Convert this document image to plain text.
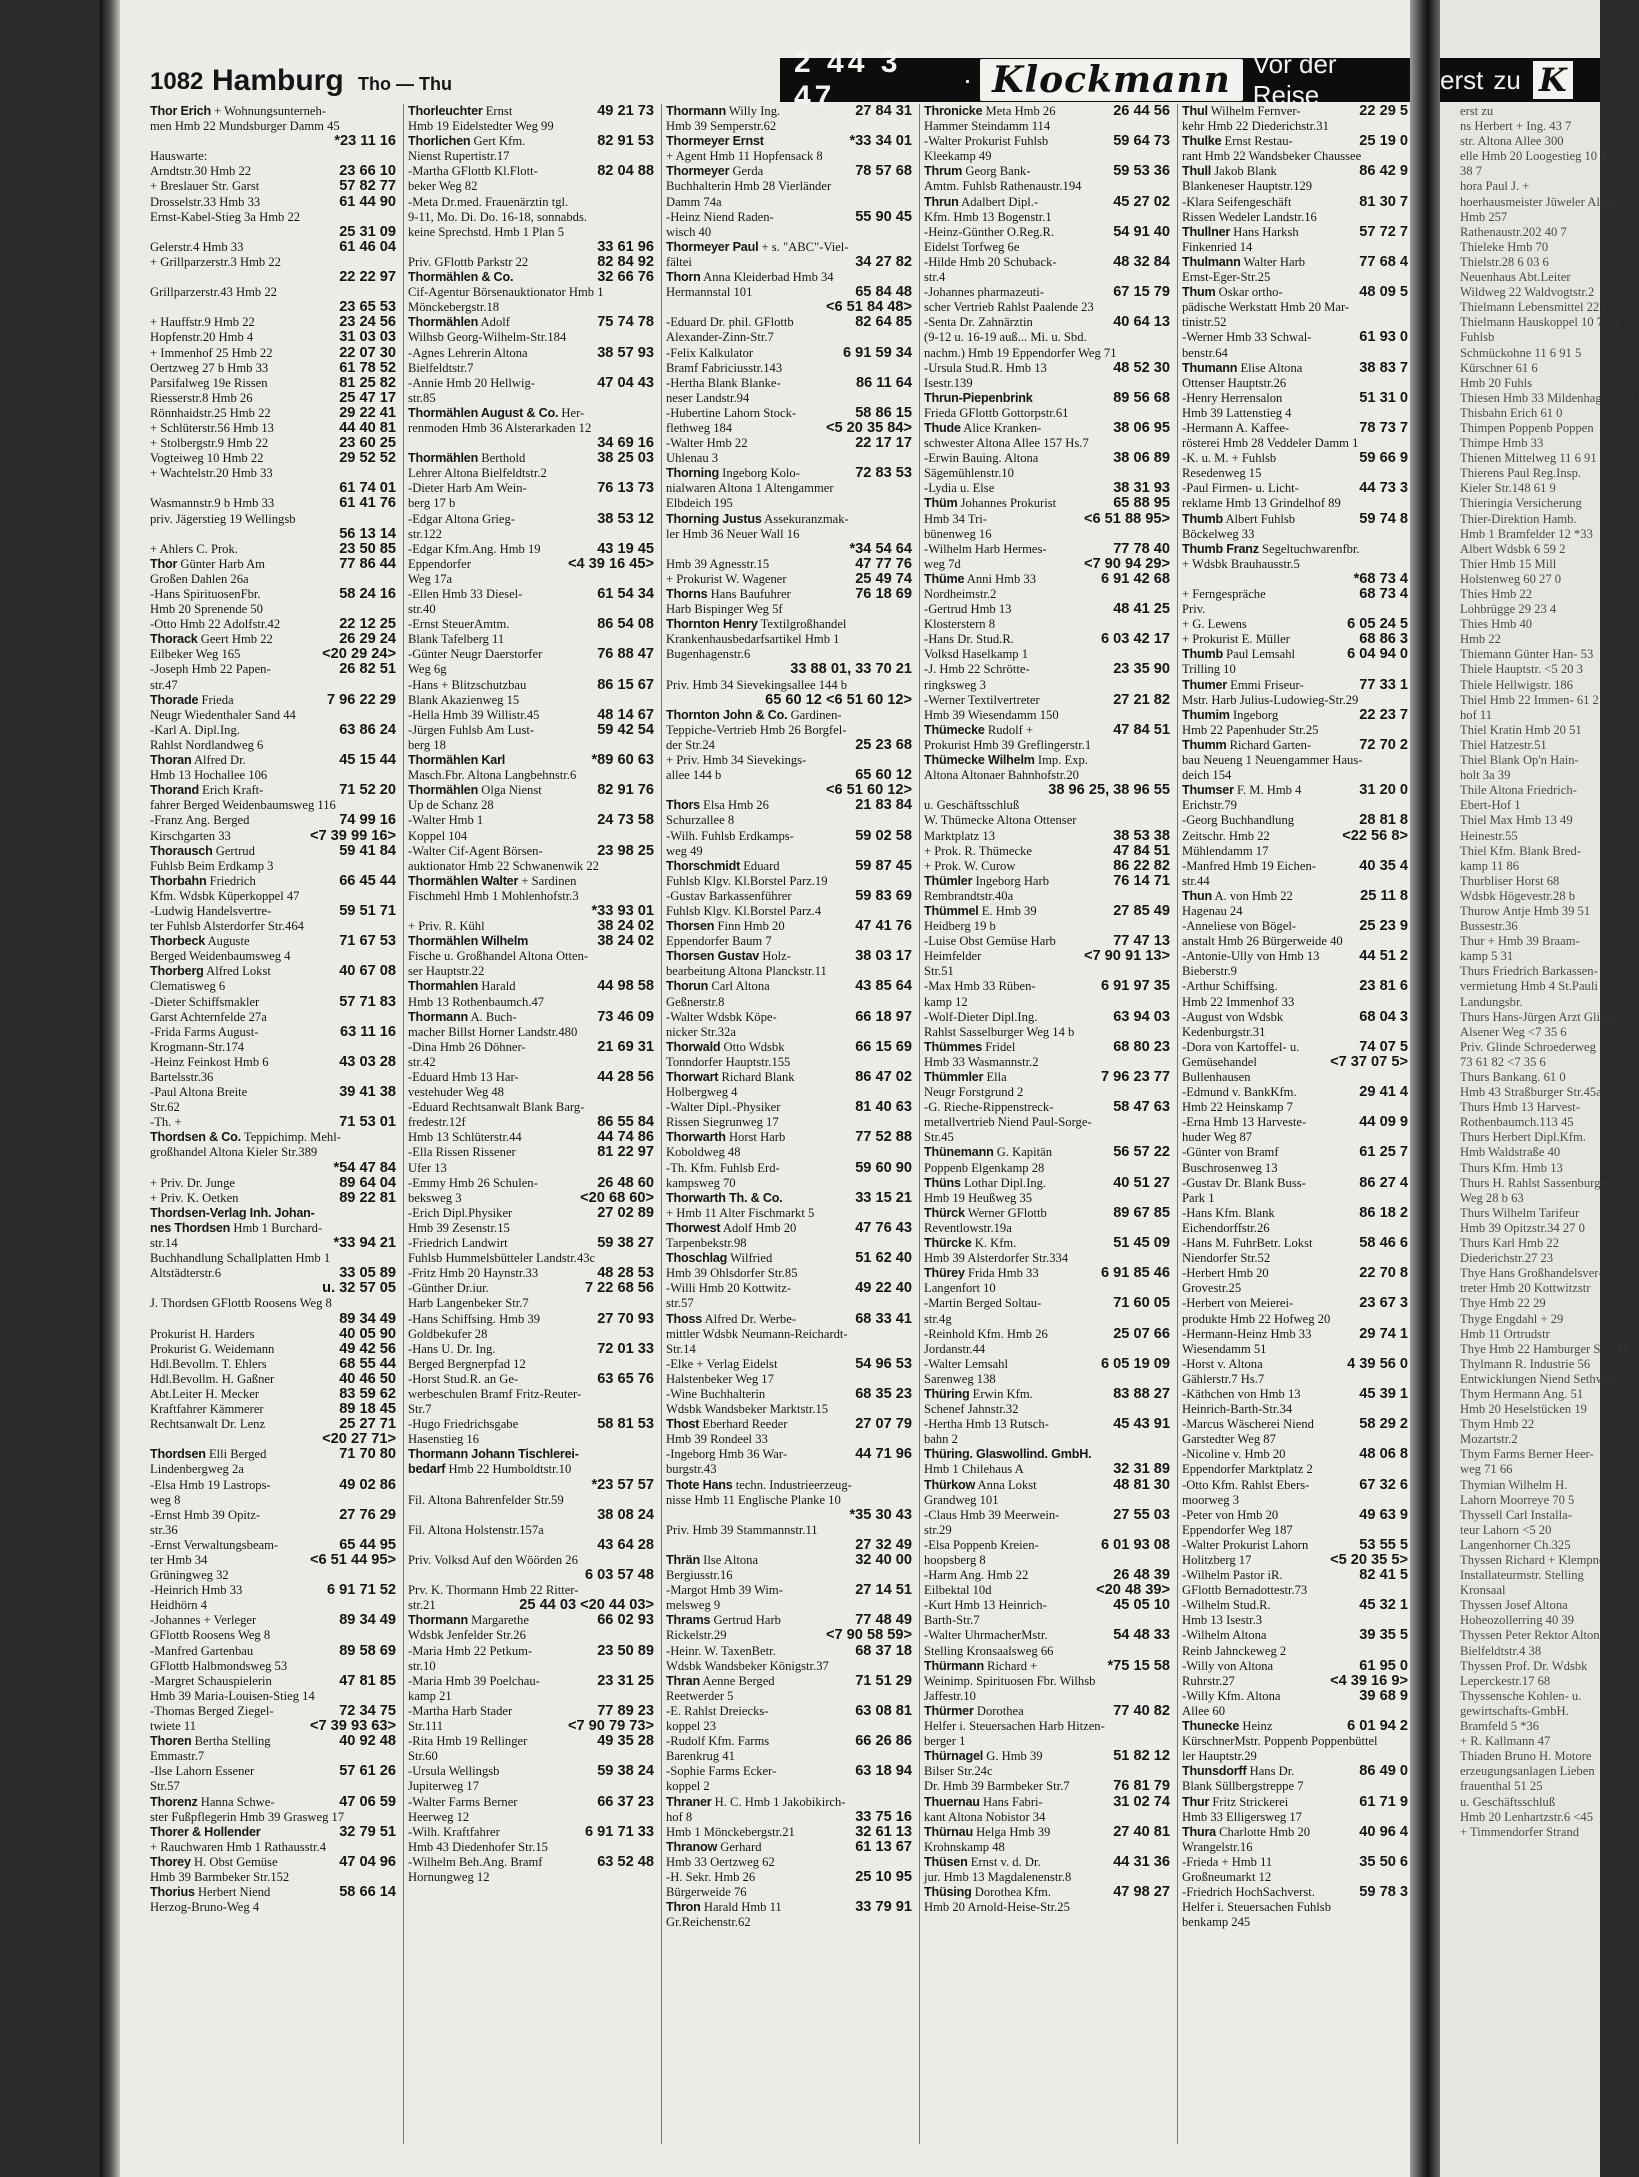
erst zu K
erst zu
ns Herbert + Ing. 43 7
str. Altona Allee 300
elle Hmb 20 Loogestieg 10 4
38 7
hora Paul J. +
hoerhausmeister Jüweler Alton
Hmb 257
Rathenaustr.202 40 7
Thieleke Hmb 70
Thielstr.28 6 03 6
Neuenhaus Abt.Leiter
Wildweg 22 Waldvogtstr.2
Thielmann Lebensmittel 22 G
Thielmann Hauskoppel 10 73 4
Fuhlsb
Schmückohne 11 6 91 5
Kürschner 61 6
Hmb 20 Fuhls
Thiesen Hmb 33 Mildenhagen 61 0
Thisbahn Erich 61 0
Thimpen Poppenb Poppen
Thimpe Hmb 33
Thienen Mittelweg 11 6 91 5
Thierens Paul Reg.Insp.
Kieler Str.148 61 9
Thieringia Versicherung
Thier-Direktion Hamb.
Hmb 1 Bramfelder 12 *33
Albert Wdsbk 6 59 2
Thier Hmb 15 Mill
Holstenweg 60 27 0
Thies Hmb 22
Lohbrügge 29 23 4
Thies Hmb 40
Hmb 22
Thiemann Günter Han- 53
Thiele Hauptstr. <5 20 3
Thiele Hellwigstr. 186
Thiel Hmb 22 Immen- 61 2
hof 11
Thiel Kratin Hmb 20 51
Thiel Hatzestr.51
Thiel Blank Op'n Hain-
holt 3a 39
Thile Altona Friedrich-
Ebert-Hof 1
Thiel Max Hmb 13 49
Heinestr.55
Thiel Kfm. Blank Bred-
kamp 11 86
Thurbliser Horst 68
Wdsbk Högevestr.28 b
Thurow Antje Hmb 39 51
Bussestr.36
Thur + Hmb 39 Braam-
kamp 5 31
Thurs Friedrich Barkassen-
vermietung Hmb 4 St.Pauli
Landungsbr.
Thurs Hans-Jürgen Arzt Glinde
Alsener Weg <7 35 6
Priv. Glinde Schroederweg 1
73 61 82 <7 35 6
Thurs Bankang. 61 0
Hmb 43 Straßburger Str.45a
Thurs Hmb 13 Harvest-
Rothenbaumch.113 45
Thurs Herbert Dipl.Kfm.
Hmb Waldstraße 40
Thurs Kfm. Hmb 13
Thurs H. Rahlst Sassenburger
Weg 28 b 63
Thurs Wilhelm Tarifeur
Hmb 39 Opitzstr.34 27 0
Thurs Karl Hmb 22
Diederichstr.27 23
Thye Hans Großhandelsver-
treter Hmb 20 Kottwitzstr
Thye Hmb 22 29
Thyge Engdahl + 29
Hmb 11 Ortrudstr
Thye Hmb 22 Hamburger Str.148
Thylmann R. Industrie 56
Entwicklungen Niend Sethweg
Thym Hermann Ang. 51
Hmb 20 Heselstücken 19
Thym Hmb 22
Mozartstr.2
Thym Farms Berner Heer-
weg 71 66
Thymian Wilhelm H.
Lahorn Moorreye 70 5
Thyssell Carl Installa-
teur Lahorn <5 20
Langenhorner Ch.325
Thyssen Richard + Klempner-
Installateurmstr. Stelling
Kronsaal
Thyssen Josef Altona
Hoheozollerring 40 39
Thyssen Peter Rektor Altona
Bielfeldtstr.4 38
Thyssen Prof. Dr. Wdsbk
Leperckestr.17 68
Thyssensche Kohlen- u.
gewirtschafts-GmbH.
Bramfeld 5 *36
+ R. Kallmann 47
Thiaden Bruno H. Motore
erzeugungsanlagen Lieben
frauenthal 51 25
u. Geschäftsschluß
Hmb 20 Lenhartzstr.6 <45
+ Timmendorfer Strand
1082 Hamburg Tho — Thu
2 44 3 47
· Klockmann Vor der Reise
Thor Erich + Wohnungsunterneh-
men Hmb 22 Mundsburger Damm 45
*23 11 16
Hauswarte:
Arndtstr.30 Hmb 22	23 66 10
+ Breslauer Str. Garst	57 82 77
Drosselstr.33 Hmb 33	61 44 90
Ernst-Kabel-Stieg 3a Hmb 22
25 31 09
Gelerstr.4 Hmb 33	61 46 04
+ Grillparzerstr.3 Hmb 22
22 22 97
Grillparzerstr.43 Hmb 22
23 65 53
+ Hauffstr.9 Hmb 22	23 24 56
Hopfenstr.20 Hmb 4	31 03 03
+ Immenhof 25 Hmb 22	22 07 30
Oertzweg 27 b Hmb 33	61 78 52
Parsifalweg 19e Rissen	81 25 82
Riesserstr.8 Hmb 26	25 47 17
Rönnhaidstr.25 Hmb 22	29 22 41
+ Schlüterstr.56 Hmb 13	44 40 81
+ Stolbergstr.9 Hmb 22	23 60 25
Vogteiweg 10 Hmb 22	29 52 52
+ Wachtelstr.20 Hmb 33
61 74 01
Wasmannstr.9 b Hmb 33	61 41 76
priv. Jägerstieg 19 Wellingsb
56 13 14
+ Ahlers C. Prok.	23 50 85
Thor Günter Harb Am	77 86 44
Großen Dahlen 26a
-Hans SpirituosenFbr.	58 24 16
Hmb 20 Sprenende 50
-Otto Hmb 22 Adolfstr.42	22 12 25
Thorack Geert Hmb 22	26 29 24
Eilbeker Weg 165	<20 29 24>
-Joseph Hmb 22 Papen-	26 82 51
str.47
Thorade Frieda	7 96 22 29
Neugr Wiedenthaler Sand 44
-Karl A. Dipl.Ing.	63 86 24
Rahlst Nordlandweg 6
Thoran Alfred Dr.	45 15 44
Hmb 13 Hochallee 106
Thorand Erich Kraft-	71 52 20
fahrer Berged Weidenbaumsweg 116
-Franz Ang. Berged	74 99 16
Kirschgarten 33	<7 39 99 16>
Thorausch Gertrud	59 41 84
Fuhlsb Beim Erdkamp 3
Thorbahn Friedrich	66 45 44
Kfm. Wdsbk Küperkoppel 47
-Ludwig Handelsvertre-	59 51 71
ter Fuhlsb Alsterdorfer Str.464
Thorbeck Auguste	71 67 53
Berged Weidenbaumsweg 4
Thorberg Alfred Lokst	40 67 08
Clematisweg 6
-Dieter Schiffsmakler	57 71 83
Garst Achternfelde 27a
-Frida Farms August-	63 11 16
Krogmann-Str.174
-Heinz Feinkost Hmb 6	43 03 28
Bartelsstr.36
-Paul Altona Breite	39 41 38
Str.62
-Th. +	71 53 01
Thordsen & Co. Teppichimp. Mehl-
großhandel Altona Kieler Str.389
*54 47 84
+ Priv. Dr. Junge	89 64 04
+ Priv. K. Oetken	89 22 81
Thordsen-Verlag Inh. Johan-
nes Thordsen Hmb 1 Burchard-
str.14	*33 94 21
Buchhandlung Schallplatten Hmb 1
Altstädterstr.6	33 05 89
u. 32 57 05
J. Thordsen GFlottb Roosens Weg 8
89 34 49
Prokurist H. Harders	40 05 90
Prokurist G. Weidemann	49 42 56
Hdl.Bevollm. T. Ehlers	68 55 44
Hdl.Bevollm. H. Gaßner	40 46 50
Abt.Leiter H. Mecker	83 59 62
Kraftfahrer Kämmerer	89 18 45
Rechtsanwalt Dr. Lenz	25 27 71
<20 27 71>
Thordsen Elli Berged	71 70 80
Lindenbergweg 2a
-Elsa Hmb 19 Lastrops-	49 02 86
weg 8
-Ernst Hmb 39 Opitz-	27 76 29
str.36
-Ernst Verwaltungsbeam-	65 44 95
ter Hmb 34	<6 51 44 95>
Grüningweg 32
-Heinrich Hmb 33	6 91 71 52
Heidhörn 4
-Johannes + Verleger	89 34 49
GFlottb Roosens Weg 8
-Manfred Gartenbau	89 58 69
GFlottb Halbmondsweg 53
-Margret Schauspielerin	47 81 85
Hmb 39 Maria-Louisen-Stieg 14
-Thomas Berged Ziegel-	72 34 75
twiete 11	<7 39 93 63>
Thoren Bertha Stelling	40 92 48
Emmastr.7
-Ilse Lahorn Essener	57 61 26
Str.57
Thorenz Hanna Schwe-	47 06 59
ster Fußpflegerin Hmb 39 Grasweg 17
Thorer & Hollender	32 79 51
+ Rauchwaren Hmb 1 Rathausstr.4
Thorey H. Obst Gemüse	47 04 96
Hmb 39 Barmbeker Str.152
Thorius Herbert Niend	58 66 14
Herzog-Bruno-Weg 4
Thorleuchter Ernst	49 21 73
Hmb 19 Eidelstedter Weg 99
Thorlichen Gert Kfm.	82 91 53
Nienst Rupertistr.17
-Martha GFlottb Kl.Flott-	82 04 88
beker Weg 82
-Meta Dr.med. Frauenärztin tgl.
9-11, Mo. Di. Do. 16-18, sonnabds.
keine Sprechstd. Hmb 1 Plan 5
33 61 96
Priv. GFlottb Parkstr 22	82 84 92
Thormählen & Co.	32 66 76
Cif-Agentur Börsenauktionator Hmb 1
Mönckebergstr.18
Thormählen Adolf	75 74 78
Wilhsb Georg-Wilhelm-Str.184
-Agnes Lehrerin Altona	38 57 93
Bielfeldtstr.7
-Annie Hmb 20 Hellwig-	47 04 43
str.85
Thormählen August & Co. Her-
renmoden Hmb 36 Alsterarkaden 12
34 69 16
Thormählen Berthold	38 25 03
Lehrer Altona Bielfeldtstr.2
-Dieter Harb Am Wein-	76 13 73
berg 17 b
-Edgar Altona Grieg-	38 53 12
str.122
-Edgar Kfm.Ang. Hmb 19	43 19 45
Eppendorfer	<4 39 16 45>
Weg 17a
-Ellen Hmb 33 Diesel-	61 54 34
str.40
-Ernst SteuerAmtm.	86 54 08
Blank Tafelberg 11
-Günter Neugr Daerstorfer	76 88 47
Weg 6g
-Hans + Blitzschutzbau	86 15 67
Blank Akazienweg 15
-Hella Hmb 39 Willistr.45	48 14 67
-Jürgen Fuhlsb Am Lust-	59 42 54
berg 18
Thormählen Karl	*89 60 63
Masch.Fbr. Altona Langbehnstr.6
Thormählen Olga Nienst	82 91 76
Up de Schanz 28
-Walter Hmb 1	24 73 58
Koppel 104
-Walter Cif-Agent Börsen-	23 98 25
auktionator Hmb 22 Schwanenwik 22
Thormählen Walter + Sardinen
Fischmehl Hmb 1 Mohlenhofstr.3
*33 93 01
+ Priv. R. Kühl	38 24 02
Thormählen Wilhelm	38 24 02
Fische u. Großhandel Altona Otten-
ser Hauptstr.22
Thormahlen Harald	44 98 58
Hmb 13 Rothenbaumch.47
Thormann A. Buch-	73 46 09
macher Billst Horner Landstr.480
-Dina Hmb 26 Döhner-	21 69 31
str.42
-Eduard Hmb 13 Har-	44 28 56
vestehuder Weg 48
-Eduard Rechtsanwalt Blank Barg-
fredestr.12f	86 55 84
Hmb 13 Schlüterstr.44	44 74 86
-Ella Rissen Rissener	81 22 97
Ufer 13
-Emmy Hmb 26 Schulen-	26 48 60
beksweg 3	<20 68 60>
-Erich Dipl.Physiker	27 02 89
Hmb 39 Zesenstr.15
-Friedrich Landwirt	59 38 27
Fuhlsb Hummelsbütteler Landstr.43c
-Fritz Hmb 20 Haynstr.33	48 28 53
-Günther Dr.iur.	7 22 68 56
Harb Langenbeker Str.7
-Hans Schiffsing. Hmb 39	27 70 93
Goldbekufer 28
-Hans U. Dr. Ing.	72 01 33
Berged Bergnerpfad 12
-Horst Stud.R. an Ge-	63 65 76
werbeschulen Bramf Fritz-Reuter-
Str.7
-Hugo Friedrichsgabe	58 81 53
Hasenstieg 16
Thormann Johann Tischlerei-
bedarf Hmb 22 Humboldtstr.10
*23 57 57
Fil. Altona Bahrenfelder Str.59
38 08 24
Fil. Altona Holstenstr.157a
43 64 28
Priv. Volksd Auf den Wöörden 26
6 03 57 48
Prv. K. Thormann Hmb 22 Ritter-
str.21	25 44 03 <20 44 03>
Thormann Margarethe	66 02 93
Wdsbk Jenfelder Str.26
-Maria Hmb 22 Petkum-	23 50 89
str.10
-Maria Hmb 39 Poelchau-	23 31 25
kamp 21
-Martha Harb Stader	77 89 23
Str.111	<7 90 79 73>
-Rita Hmb 19 Rellinger	49 35 28
Str.60
-Ursula Wellingsb	59 38 24
Jupiterweg 17
-Walter Farms Berner	66 37 23
Heerweg 12
-Wilh. Kraftfahrer	6 91 71 33
Hmb 43 Diedenhofer Str.15
-Wilhelm Beh.Ang. Bramf	63 52 48
Hornungweg 12
Thormann Willy Ing.	27 84 31
Hmb 39 Semperstr.62
Thormeyer Ernst	*33 34 01
+ Agent Hmb 11 Hopfensack 8
Thormeyer Gerda	78 57 68
Buchhalterin Hmb 28 Vierländer
Damm 74a
-Heinz Niend Raden-	55 90 45
wisch 40
Thormeyer Paul + s. "ABC"-Viel-
fältei	34 27 82
Thorn Anna Kleiderbad Hmb 34
Hermannstal 101	65 84 48
<6 51 84 48>
-Eduard Dr. phil. GFlottb	82 64 85
Alexander-Zinn-Str.7
-Felix Kalkulator	6 91 59 34
Bramf Fabriciusstr.143
-Hertha Blank Blanke-	86 11 64
neser Landstr.94
-Hubertine Lahorn Stock-	58 86 15
flethweg 184	<5 20 35 84>
-Walter Hmb 22	22 17 17
Uhlenau 3
Thorning Ingeborg Kolo-	72 83 53
nialwaren Altona 1 Altengammer
Elbdeich 195
Thorning Justus Assekuranzmak-
ler Hmb 36 Neuer Wall 16
*34 54 64
Hmb 39 Agnesstr.15	47 77 76
+ Prokurist W. Wagener	25 49 74
Thorns Hans Baufuhrer	76 18 69
Harb Bispinger Weg 5f
Thornton Henry Textilgroßhandel
Krankenhausbedarfsartikel Hmb 1
Bugenhagenstr.6
33 88 01, 33 70 21
Priv. Hmb 34 Sievekingsallee 144 b
65 60 12 <6 51 60 12>
Thornton John & Co. Gardinen-
Teppiche-Vertrieb Hmb 26 Borgfel-
der Str.24	25 23 68
+ Priv. Hmb 34 Sievekings-
allee 144 b	65 60 12
<6 51 60 12>
Thors Elsa Hmb 26	21 83 84
Schurzallee 8
-Wilh. Fuhlsb Erdkamps-	59 02 58
weg 49
Thorschmidt Eduard	59 87 45
Fuhlsb Klgv. Kl.Borstel Parz.19
-Gustav Barkassenführer	59 83 69
Fuhlsb Klgv. Kl.Borstel Parz.4
Thorsen Finn Hmb 20	47 41 76
Eppendorfer Baum 7
Thorsen Gustav Holz-	38 03 17
bearbeitung Altona Planckstr.11
Thorun Carl Altona	43 85 64
Geßnerstr.8
-Walter Wdsbk Köpe-	66 18 97
nicker Str.32a
Thorwald Otto Wdsbk	66 15 69
Tonndorfer Hauptstr.155
Thorwart Richard Blank	86 47 02
Holbergweg 4
-Walter Dipl.-Physiker	81 40 63
Rissen Siegrunweg 17
Thorwarth Horst Harb	77 52 88
Koboldweg 48
-Th. Kfm. Fuhlsb Erd-	59 60 90
kampsweg 70
Thorwarth Th. & Co.	33 15 21
+ Hmb 11 Alter Fischmarkt 5
Thorwest Adolf Hmb 20	47 76 43
Tarpenbekstr.98
Thoschlag Wilfried	51 62 40
Hmb 39 Ohlsdorfer Str.85
-Willi Hmb 20 Kottwitz-	49 22 40
str.57
Thoss Alfred Dr. Werbe-	68 33 41
mittler Wdsbk Neumann-Reichardt-
Str.14
-Elke + Verlag Eidelst	54 96 53
Halstenbeker Weg 17
-Wine Buchhalterin	68 35 23
Wdsbk Wandsbeker Marktstr.15
Thost Eberhard Reeder	27 07 79
Hmb 39 Rondeel 33
-Ingeborg Hmb 36 War-	44 71 96
burgstr.43
Thote Hans techn. Industrieerzeug-
nisse Hmb 11 Englische Planke 10
*35 30 43
Priv. Hmb 39 Stammannstr.11
27 32 49
Thrän Ilse Altona	32 40 00
Bergiusstr.16
-Margot Hmb 39 Wim-	27 14 51
melsweg 9
Thrams Gertrud Harb	77 48 49
Rickelstr.29	<7 90 58 59>
-Heinr. W. TaxenBetr.	68 37 18
Wdsbk Wandsbeker Königstr.37
Thran Aenne Berged	71 51 29
Reetwerder 5
-E. Rahlst Dreiecks-	63 08 81
koppel 23
-Rudolf Kfm. Farms	66 26 86
Barenkrug 41
-Sophie Farms Ecker-	63 18 94
koppel 2
Thraner H. C. Hmb 1 Jakobikirch-
hof 8	33 75 16
Hmb 1 Mönckebergstr.21	32 61 13
Thranow Gerhard	61 13 67
Hmb 33 Oertzweg 62
-H. Sekr. Hmb 26	25 10 95
Bürgerweide 76
Thron Harald Hmb 11	33 79 91
Gr.Reichenstr.62
Thronicke Meta Hmb 26	26 44 56
Hammer Steindamm 114
-Walter Prokurist Fuhlsb	59 64 73
Kleekamp 49
Thrum Georg Bank-	59 53 36
Amtm. Fuhlsb Rathenaustr.194
Thrun Adalbert Dipl.-	45 27 02
Kfm. Hmb 13 Bogenstr.1
-Heinz-Günther O.Reg.R.	54 91 40
Eidelst Torfweg 6e
-Hilde Hmb 20 Schuback-	48 32 84
str.4
-Johannes pharmazeuti-	67 15 79
scher Vertrieb Rahlst Paalende 23
-Senta Dr. Zahnärztin	40 64 13
(9-12 u. 16-19 auß... Mi. u. Sbd.
nachm.) Hmb 19 Eppendorfer Weg 71
-Ursula Stud.R. Hmb 13	48 52 30
Isestr.139
Thrun-Piepenbrink	89 56 68
Frieda GFlottb Gottorpstr.61
Thude Alice Kranken-	38 06 95
schwester Altona Allee 157 Hs.7
-Erwin Bauing. Altona	38 06 89
Sägemühlenstr.10
-Lydia u. Else	38 31 93
Thüm Johannes Prokurist	65 88 95
Hmb 34 Tri-	<6 51 88 95>
bünenweg 16
-Wilhelm Harb Hermes-	77 78 40
weg 7d	<7 90 94 29>
Thüme Anni Hmb 33	6 91 42 68
Nordheimstr.2
-Gertrud Hmb 13	48 41 25
Klosterstern 8
-Hans Dr. Stud.R.	6 03 42 17
Volksd Haselkamp 1
-J. Hmb 22 Schrötte-	23 35 90
ringksweg 3
-Werner Textilvertreter	27 21 82
Hmb 39 Wiesendamm 150
Thümecke Rudolf +	47 84 51
Prokurist Hmb 39 Greflingerstr.1
Thümecke Wilhelm Imp. Exp.
Altona Altonaer Bahnhofstr.20
38 96 25, 38 96 55
u. Geschäftsschluß
W. Thümecke Altona Ottenser
Marktplatz 13	38 53 38
+ Prok. R. Thümecke	47 84 51
+ Prok. W. Curow	86 22 82
Thümler Ingeborg Harb	76 14 71
Rembrandtstr.40a
Thümmel E. Hmb 39	27 85 49
Heidberg 19 b
-Luise Obst Gemüse Harb	77 47 13
Heimfelder	<7 90 91 13>
Str.51
-Max Hmb 33 Rüben-	6 91 97 35
kamp 12
-Wolf-Dieter Dipl.Ing.	63 94 03
Rahlst Sasselburger Weg 14 b
Thümmes Fridel	68 80 23
Hmb 33 Wasmannstr.2
Thümmler Ella	7 96 23 77
Neugr Forstgrund 2
-G. Rieche-Rippenstreck-	58 47 63
metallvertrieb Niend Paul-Sorge-
Str.45
Thünemann G. Kapitän	56 57 22
Poppenb Elgenkamp 28
Thüns Lothar Dipl.Ing.	40 51 27
Hmb 19 Heußweg 35
Thürck Werner GFlottb	89 67 85
Reventlowstr.19a
Thürcke K. Kfm.	51 45 09
Hmb 39 Alsterdorfer Str.334
Thürey Frida Hmb 33	6 91 85 46
Langenfort 10
-Martin Berged Soltau-	71 60 05
str.4g
-Reinhold Kfm. Hmb 26	25 07 66
Jordanstr.44
-Walter Lemsahl	6 05 19 09
Sarenweg 138
Thüring Erwin Kfm.	83 88 27
Schenef Jahnstr.32
-Hertha Hmb 13 Rutsch-	45 43 91
bahn 2
Thüring. Glaswollind. GmbH.
Hmb 1 Chilehaus A	32 31 89
Thürkow Anna Lokst	48 81 30
Grandweg 101
-Claus Hmb 39 Meerwein-	27 55 03
str.29
-Elsa Poppenb Kreien-	6 01 93 08
hoopsberg 8
-Harm Ang. Hmb 22	26 48 39
Eilbektal 10d	<20 48 39>
-Kurt Hmb 13 Heinrich-	45 05 10
Barth-Str.7
-Walter UhrmacherMstr.	54 48 33
Stelling Kronsaalsweg 66
Thürmann Richard +	*75 15 58
Weinimp. Spirituosen Fbr. Wilhsb
Jaffestr.10
Thürmer Dorothea	77 40 82
Helfer i. Steuersachen Harb Hitzen-
berger 1
Thürnagel G. Hmb 39	51 82 12
Bilser Str.24c
Dr. Hmb 39 Barmbeker Str.7	76 81 79
Thuernau Hans Fabri-	31 02 74
kant Altona Nobistor 34
Thürnau Helga Hmb 39	27 40 81
Krohnskamp 48
Thüsen Ernst v. d. Dr.	44 31 36
jur. Hmb 13 Magdalenenstr.8
Thüsing Dorothea Kfm.	47 98 27
Hmb 20 Arnold-Heise-Str.25
Thul Wilhelm Fernver-	22 29 5
kehr Hmb 22 Diederichstr.31
Thulke Ernst Restau-	25 19 0
rant Hmb 22 Wandsbeker Chaussee
Thull Jakob Blank	86 42 9
Blankeneser Hauptstr.129
-Klara Seifengeschäft	81 30 7
Rissen Wedeler Landstr.16
Thullner Hans Harksh	57 72 7
Finkenried 14
Thulmann Walter Harb	77 68 4
Ernst-Eger-Str.25
Thum Oskar ortho-	48 09 5
pädische Werkstatt Hmb 20 Mar-
tinistr.52
-Werner Hmb 33 Schwal-	61 93 0
benstr.64
Thumann Elise Altona	38 83 7
Ottenser Hauptstr.26
-Henry Herrensalon	51 31 0
Hmb 39 Lattenstieg 4
-Hermann A. Kaffee-	78 73 7
rösterei Hmb 28 Veddeler Damm 1
-K. u. M. + Fuhlsb	59 66 9
Resedenweg 15
-Paul Firmen- u. Licht-	44 73 3
reklame Hmb 13 Grindelhof 89
Thumb Albert Fuhlsb	59 74 8
Böckelweg 33
Thumb Franz Segeltuchwarenfbr.
+ Wdsbk Brauhausstr.5
*68 73 4
+ Ferngespräche	68 73 4
Priv.
+ G. Lewens	6 05 24 5
+ Prokurist E. Müller	68 86 3
Thumb Paul Lemsahl	6 04 94 0
Trilling 10
Thumer Emmi Friseur-	77 33 1
Mstr. Harb Julius-Ludowieg-Str.29
Thumim Ingeborg	22 23 7
Hmb 22 Papenhuder Str.25
Thumm Richard Garten-	72 70 2
bau Neueng 1 Neuengammer Haus-
deich 154
Thumser F. M. Hmb 4	31 20 0
Erichstr.79
-Georg Buchhandlung	28 81 8
Zeitschr. Hmb 22	<22 56 8>
Mühlendamm 17
-Manfred Hmb 19 Eichen-	40 35 4
str.44
Thun A. von Hmb 22	25 11 8
Hagenau 24
-Anneliese von Bögel-	25 23 9
anstalt Hmb 26 Bürgerweide 40
-Antonie-Ully von Hmb 13	44 51 2
Bieberstr.9
-Arthur Schiffsing.	23 81 6
Hmb 22 Immenhof 33
-August von Wdsbk	68 04 3
Kedenburgstr.31
-Dora von Kartoffel- u.	74 07 5
Gemüsehandel	<7 37 07 5>
Bullenhausen
-Edmund v. BankKfm.	29 41 4
Hmb 22 Heinskamp 7
-Erna Hmb 13 Harveste-	44 09 9
huder Weg 87
-Günter von Bramf	61 25 7
Buschrosenweg 13
-Gustav Dr. Blank Buss-	86 27 4
Park 1
-Hans Kfm. Blank	86 18 2
Eichendorffstr.26
-Hans M. FuhrBetr. Lokst	58 46 6
Niendorfer Str.52
-Herbert Hmb 20	22 70 8
Grovestr.25
-Herbert von Meierei-	23 67 3
produkte Hmb 22 Hofweg 20
-Hermann-Heinz Hmb 33	29 74 1
Wiesendamm 51
-Horst v. Altona	4 39 56 0
Gählerstr.7 Hs.7
-Käthchen von Hmb 13	45 39 1
Heinrich-Barth-Str.34
-Marcus Wäscherei Niend	58 29 2
Garstedter Weg 87
-Nicoline v. Hmb 20	48 06 8
Eppendorfer Marktplatz 2
-Otto Kfm. Rahlst Ebers-	67 32 6
moorweg 3
-Peter von Hmb 20	49 63 9
Eppendorfer Weg 187
-Walter Prokurist Lahorn	53 55 5
Holitzberg 17	<5 20 35 5>
-Wilhelm Pastor iR.	82 41 5
GFlottb Bernadottestr.73
-Wilhelm Stud.R.	45 32 1
Hmb 13 Isestr.3
-Wilhelm Altona	39 35 5
Reinb Jahnckeweg 2
-Willy von Altona	61 95 0
Ruhrstr.27	<4 39 16 9>
-Willy Kfm. Altona	39 68 9
Allee 60
Thunecke Heinz	6 01 94 2
KürschnerMstr. Poppenb Poppenbüttel
ler Hauptstr.29
Thunsdorff Hans Dr.	86 49 0
Blank Süllbergstreppe 7
Thur Fritz Strickerei	61 71 9
Hmb 33 Elligersweg 17
Thura Charlotte Hmb 20	40 96 4
Wrangelstr.16
-Frieda + Hmb 11	35 50 6
Großneumarkt 12
-Friedrich HochSachverst.	59 78 3
Helfer i. Steuersachen Fuhlsb
benkamp 245
